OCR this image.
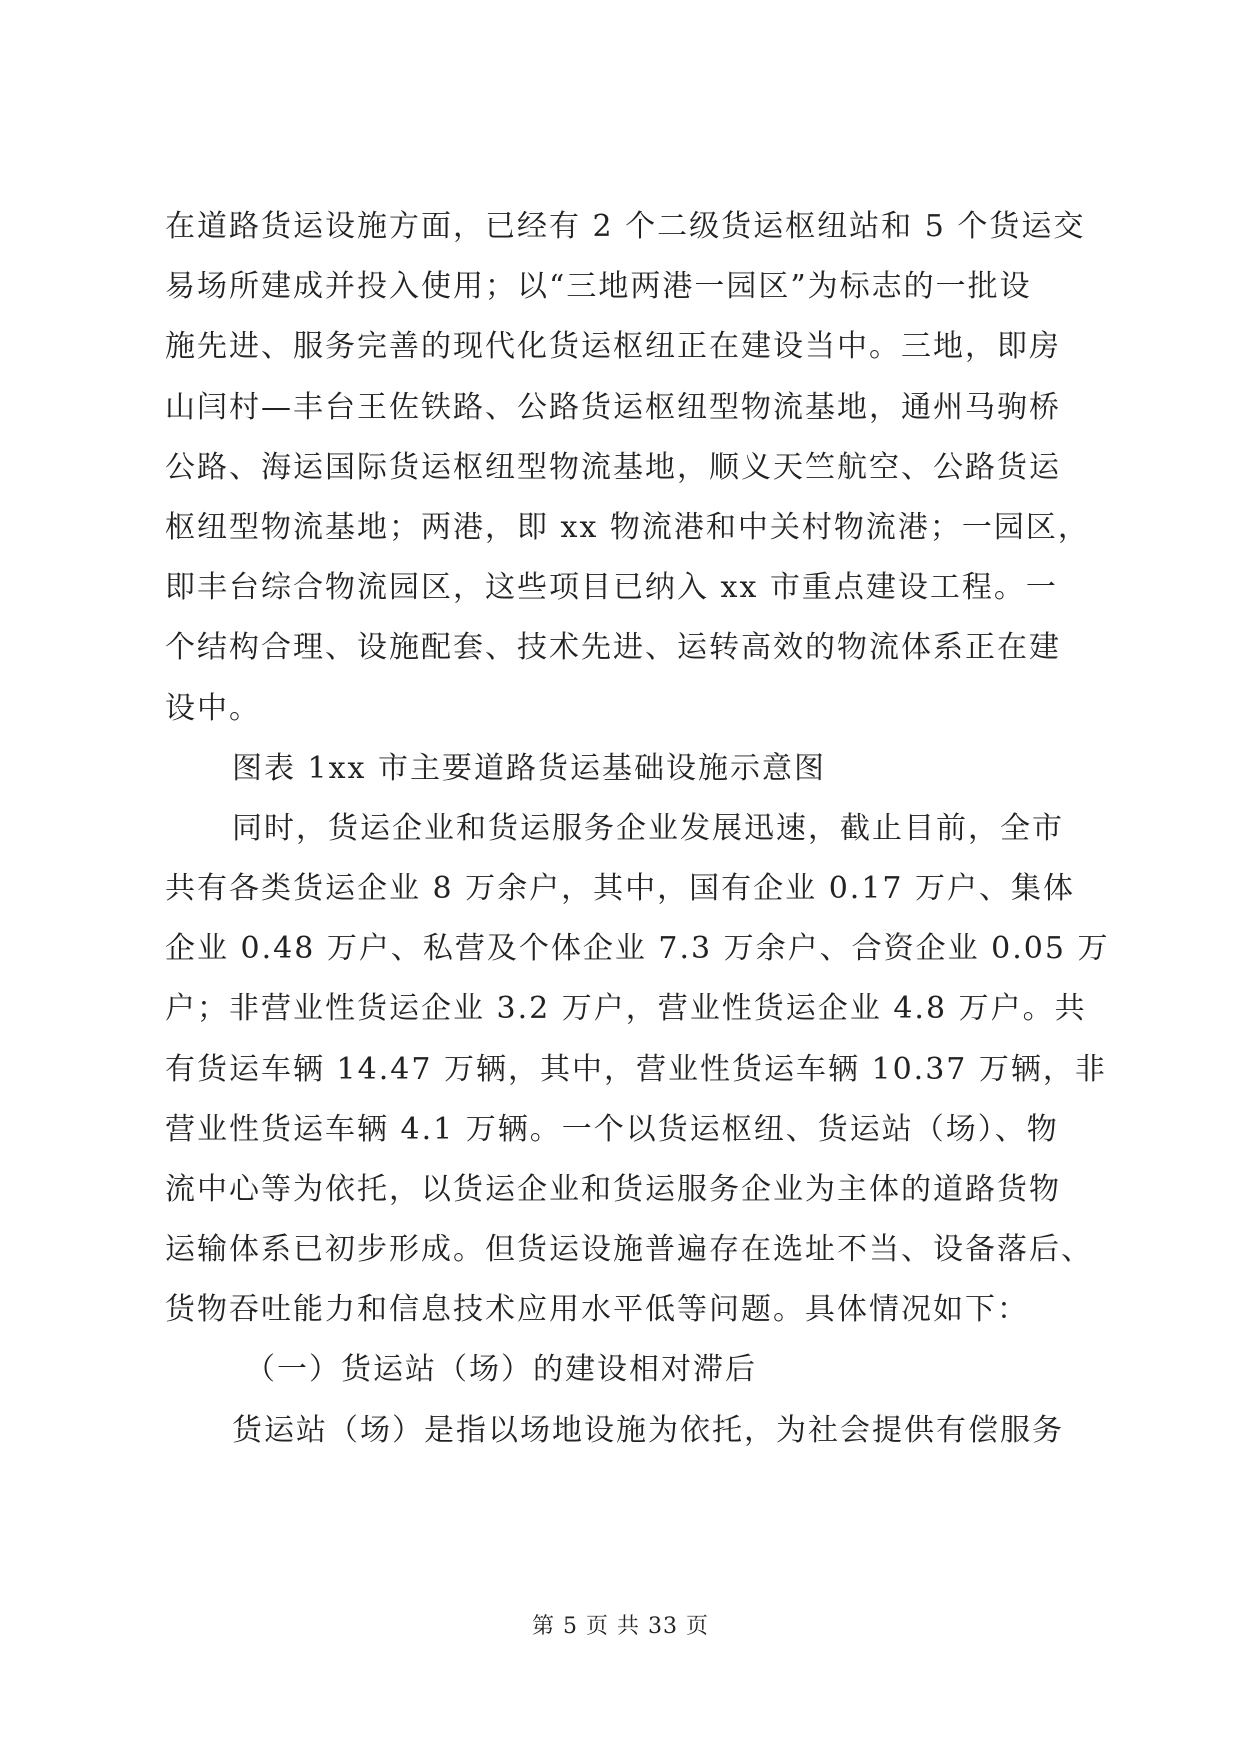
在道路货运设施方面，已经有 2 个二级货运枢纽站和 5 个货运交
易场所建成并投入使用；以“三地两港一园区”为标志的一批设
施先进、服务完善的现代化货运枢纽正在建设当中。三地，即房
山闫村—丰台王佐铁路、公路货运枢纽型物流基地，通州马驹桥
公路、海运国际货运枢纽型物流基地，顺义天竺航空、公路货运
枢纽型物流基地；两港，即 xx 物流港和中关村物流港；一园区，
即丰台综合物流园区，这些项目已纳入 xx 市重点建设工程。一
个结构合理、设施配套、技术先进、运转高效的物流体系正在建
设中。
图表 1xx 市主要道路货运基础设施示意图
同时，货运企业和货运服务企业发展迅速，截止目前，全市
共有各类货运企业 8 万余户，其中，国有企业 0.17 万户、集体
企业 0.48 万户、私营及个体企业 7.3 万余户、合资企业 0.05 万
户；非营业性货运企业 3.2 万户，营业性货运企业 4.8 万户。共
有货运车辆 14.47 万辆，其中，营业性货运车辆 10.37 万辆，非
营业性货运车辆 4.1 万辆。一个以货运枢纽、货运站（场）、物
流中心等为依托，以货运企业和货运服务企业为主体的道路货物
运输体系已初步形成。但货运设施普遍存在选址不当、设备落后、
货物吞吐能力和信息技术应用水平低等问题。具体情况如下：
（一）货运站（场）的建设相对滞后
货运站（场）是指以场地设施为依托，为社会提供有偿服务
第 5 页 共 33 页
